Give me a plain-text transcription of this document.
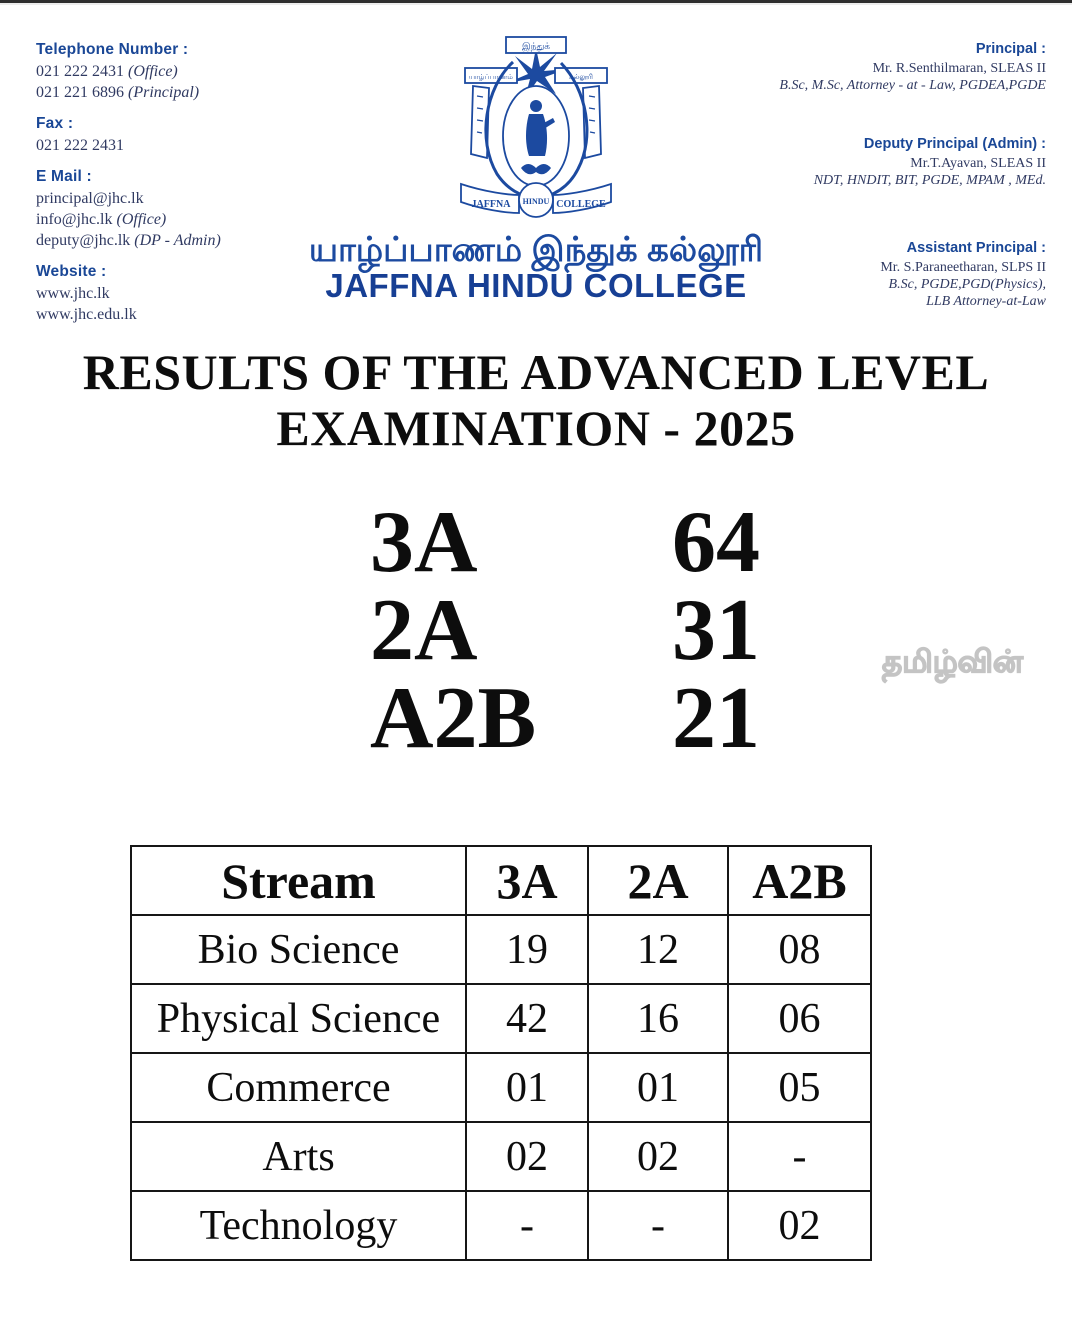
Telephone Number :
021 222 2431 (Office)
021 221 6896 (Principal)
Fax :
021 222 2431
E Mail :
principal@jhc.lk
info@jhc.lk (Office)
deputy@jhc.lk (DP - Admin)
Website :
www.jhc.lk
www.jhc.edu.lk
Principal :
Mr. R.Senthilmaran, SLEAS II
B.Sc, M.Sc, Attorney - at - Law, PGDEA,PGDE
Deputy Principal (Admin) :
Mr.T.Ayavan, SLEAS II
NDT, HNDIT, BIT, PGDE, MPAM , MEd.
Assistant Principal :
Mr. S.Paraneetharan, SLPS II
B.Sc, PGDE,PGD(Physics),
LLB Attorney-at-Law
இந்துக்
யாழ்ப்பாணம்	கல்லூரி
JAFFNA	COLLEGE
HINDU
யாழ்ப்பாணம் இந்துக் கல்லூரி
JAFFNA HINDU COLLEGE
RESULTS OF THE ADVANCED LEVEL
EXAMINATION - 2025
3A	64
2A	31
A2B	21
தமிழ்வின்
Stream	3A	2A	A2B
Bio Science	19	12	08
Physical Science	42	16	06
Commerce	01	01	05
Arts	02	02	-
Technology	-	-	02
